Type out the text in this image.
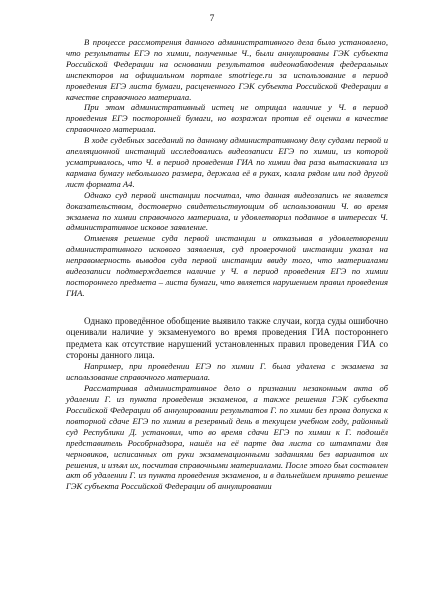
7

В процессе рассмотрения данного административного дела было установлено, что результаты ЕГЭ по химии, полученные Ч., были аннулированы ГЭК субъекта Российской Федерации на основании результатов видеонаблюдения федеральных инспекторов на официальном портале smotriege.ru за использование в период проведения ЕГЭ листа бумаги, расцененного ГЭК субъекта Российской Федерации в качестве справочного материала.

При этом административный истец не отрицал наличие у Ч. в период проведения ЕГЭ посторонней бумаги, но возражал против её оценки в качестве справочного материала.

В ходе судебных заседаний по данному административному делу судами первой и апелляционной инстанций исследовались видеозаписи ЕГЭ по химии, из которой усматривалось, что Ч. в период проведения ГИА по химии два раза вытаскивала из кармана бумагу небольшого размера, держала её в руках, клала рядом или под другой лист формата А4.

Однако суд первой инстанции посчитал, что данная видеозапись не является доказательством, достоверно свидетельствующим об использовании Ч. во время экзамена по химии справочного материала, и удовлетворил поданное в интересах Ч. административное исковое заявление.

Отменяя решение суда первой инстанции и отказывая в удовлетворении административного искового заявления, суд проверочной инстанции указал на неправомерность выводов суда первой инстанции ввиду того, что материалами видеозаписи подтверждается наличие у Ч. в период проведения ЕГЭ по химии постороннего предмета – листа бумаги, что является нарушением правил проведения ГИА.

Однако проведённое обобщение выявило также случаи, когда суды ошибочно оценивали наличие у экзаменуемого во время проведения ГИА постороннего предмета как отсутствие нарушений установленных правил проведения ГИА со стороны данного лица.

Например, при проведении ЕГЭ по химии Г. была удалена с экзамена за использование справочного материала.

Рассматривая административное дело о признании незаконным акта об удалении Г. из пункта проведения экзаменов, а также решения ГЭК субъекта Российской Федерации об аннулировании результатов Г. по химии без права допуска к повторной сдаче ЕГЭ по химии в резервный день в текущем учебном году, районный суд Республики Д. установил, что во время сдачи ЕГЭ по химии к Г. подошёл представитель Рособрнадзора, нашёл на её парте два листа со штампами для черновиков, исписанных от руки экзаменационными заданиями без вариантов их решения, и изъял их, посчитав справочными материалами. После этого был составлен акт об удалении Г. из пункта проведения экзаменов, и в дальнейшем принято решение ГЭК субъекта Российской Федерации об аннулировании
